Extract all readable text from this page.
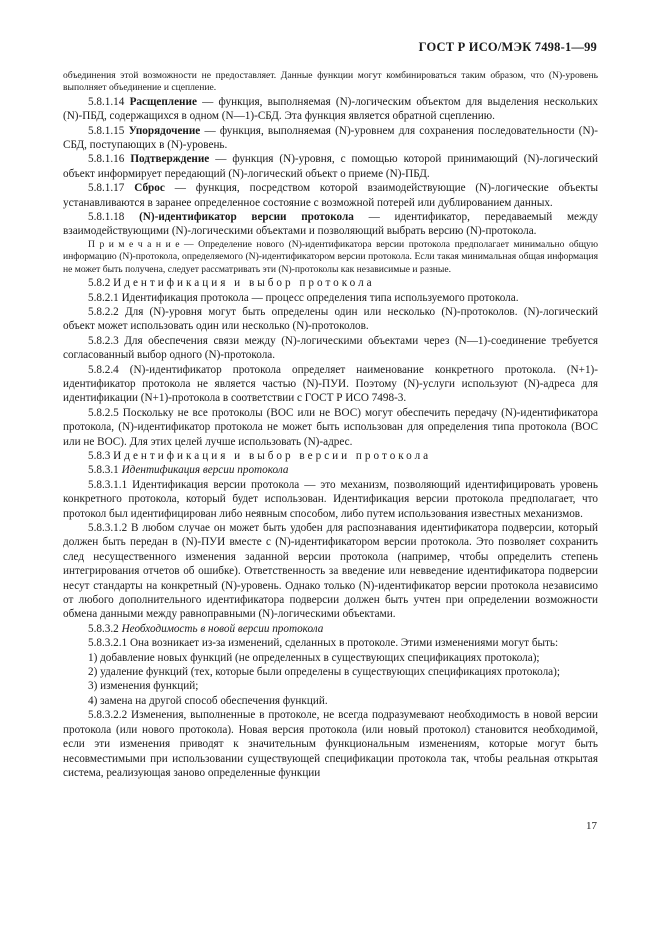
ГОСТ Р ИСО/МЭК 7498-1—99

объединения этой возможности не предоставляет. Данные функции могут комбинироваться таким образом, что (N)-уровень выполняет объединение и сцепление.

5.8.1.14 Расщепление — функция, выполняемая (N)-логическим объектом для выделения нескольких (N)-ПБД, содержащихся в одном (N—1)-СБД. Эта функция является обратной сцеплению.

5.8.1.15 Упорядочение — функция, выполняемая (N)-уровнем для сохранения последовательности (N)-СБД, поступающих в (N)-уровень.

5.8.1.16 Подтверждение — функция (N)-уровня, с помощью которой принимающий (N)-логический объект информирует передающий (N)-логический объект о приеме (N)-ПБД.

5.8.1.17 Сброс — функция, посредством которой взаимодействующие (N)-логические объекты устанавливаются в заранее определенное состояние с возможной потерей или дублированием данных.

5.8.1.18 (N)-идентификатор версии протокола — идентификатор, передаваемый между взаимодействующими (N)-логическими объектами и позволяющий выбрать версию (N)-протокола.

П р и м е ч а н и е — Определение нового (N)-идентификатора версии протокола предполагает минимально общую информацию (N)-протокола, определяемого (N)-идентификатором версии протокола. Если такая минимальная общая информация не может быть получена, следует рассматривать эти (N)-протоколы как независимые и разные.

5.8.2 Идентификация и выбор протокола

5.8.2.1 Идентификация протокола — процесс определения типа используемого протокола.

5.8.2.2 Для (N)-уровня могут быть определены один или несколько (N)-протоколов. (N)-логический объект может использовать один или несколько (N)-протоколов.

5.8.2.3 Для обеспечения связи между (N)-логическими объектами через (N—1)-соединение требуется согласованный выбор одного (N)-протокола.

5.8.2.4 (N)-идентификатор протокола определяет наименование конкретного протокола. (N+1)-идентификатор протокола не является частью (N)-ПУИ. Поэтому (N)-услуги используют (N)-адреса для идентификации (N+1)-протокола в соответствии с ГОСТ Р ИСО 7498-3.

5.8.2.5 Поскольку не все протоколы (ВОС или не ВОС) могут обеспечить передачу (N)-идентификатора протокола, (N)-идентификатор протокола не может быть использован для определения типа протокола (ВОС или не ВОС). Для этих целей лучше использовать (N)-адрес.

5.8.3 Идентификация и выбор версии протокола

5.8.3.1 Идентификация версии протокола

5.8.3.1.1 Идентификация версии протокола — это механизм, позволяющий идентифицировать уровень конкретного протокола, который будет использован. Идентификация версии протокола предполагает, что протокол был идентифицирован либо неявным способом, либо путем использования известных механизмов.

5.8.3.1.2 В любом случае он может быть удобен для распознавания идентификатора подверсии, который должен быть передан в (N)-ПУИ вместе с (N)-идентификатором версии протокола. Это позволяет сохранить след несущественного изменения заданной версии протокола (например, чтобы определить степень интегрирования отчетов об ошибке). Ответственность за введение или невведение идентификатора подверсии несут стандарты на конкретный (N)-уровень. Однако только (N)-идентификатор версии протокола независимо от любого дополнительного идентификатора подверсии должен быть учтен при определении возможности обмена данными между равноправными (N)-логическими объектами.

5.8.3.2 Необходимость в новой версии протокола

5.8.3.2.1 Она возникает из-за изменений, сделанных в протоколе. Этими изменениями могут быть:

1) добавление новых функций (не определенных в существующих спецификациях протокола);

2) удаление функций (тех, которые были определены в существующих спецификациях протокола);

3) изменения функций;

4) замена на другой способ обеспечения функций.

5.8.3.2.2 Изменения, выполненные в протоколе, не всегда подразумевают необходимость в новой версии протокола (или нового протокола). Новая версия протокола (или новый протокол) становится необходимой, если эти изменения приводят к значительным функциональным изменениям, которые могут быть несовместимыми при использовании существующей спецификации протокола так, чтобы реальная открытая система, реализующая заново определенные функции

17
